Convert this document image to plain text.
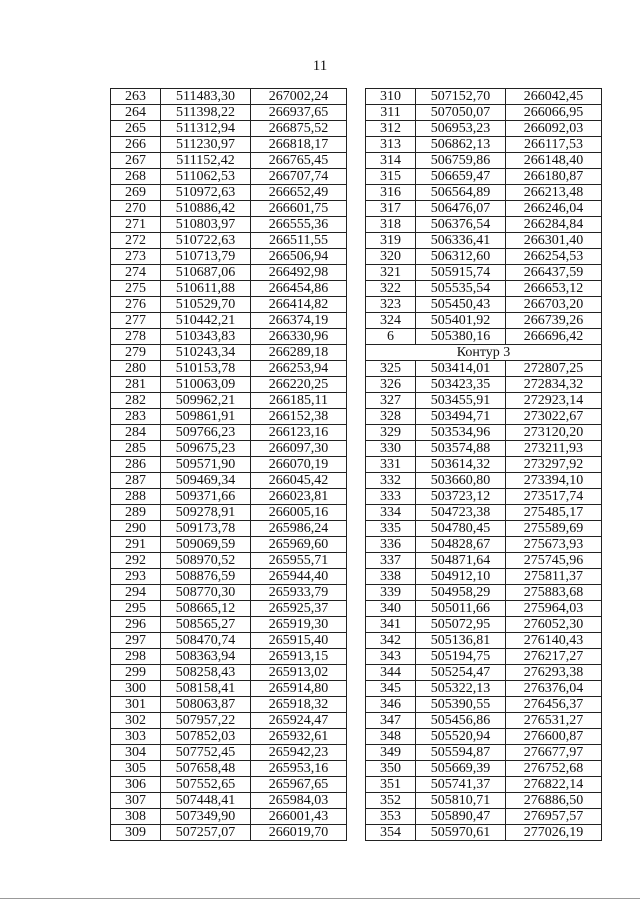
11
263	511483,30	267002,24
264	511398,22	266937,65
265	511312,94	266875,52
266	511230,97	266818,17
267	511152,42	266765,45
268	511062,53	266707,74
269	510972,63	266652,49
270	510886,42	266601,75
271	510803,97	266555,36
272	510722,63	266511,55
273	510713,79	266506,94
274	510687,06	266492,98
275	510611,88	266454,86
276	510529,70	266414,82
277	510442,21	266374,19
278	510343,83	266330,96
279	510243,34	266289,18
280	510153,78	266253,94
281	510063,09	266220,25
282	509962,21	266185,11
283	509861,91	266152,38
284	509766,23	266123,16
285	509675,23	266097,30
286	509571,90	266070,19
287	509469,34	266045,42
288	509371,66	266023,81
289	509278,91	266005,16
290	509173,78	265986,24
291	509069,59	265969,60
292	508970,52	265955,71
293	508876,59	265944,40
294	508770,30	265933,79
295	508665,12	265925,37
296	508565,27	265919,30
297	508470,74	265915,40
298	508363,94	265913,15
299	508258,43	265913,02
300	508158,41	265914,80
301	508063,87	265918,32
302	507957,22	265924,47
303	507852,03	265932,61
304	507752,45	265942,23
305	507658,48	265953,16
306	507552,65	265967,65
307	507448,41	265984,03
308	507349,90	266001,43
309	507257,07	266019,70
310	507152,70	266042,45
311	507050,07	266066,95
312	506953,23	266092,03
313	506862,13	266117,53
314	506759,86	266148,40
315	506659,47	266180,87
316	506564,89	266213,48
317	506476,07	266246,04
318	506376,54	266284,84
319	506336,41	266301,40
320	506312,60	266254,53
321	505915,74	266437,59
322	505535,54	266653,12
323	505450,43	266703,20
324	505401,92	266739,26
6	505380,16	266696,42
Контур 3		
325	503414,01	272807,25
326	503423,35	272834,32
327	503455,91	272923,14
328	503494,71	273022,67
329	503534,96	273120,20
330	503574,88	273211,93
331	503614,32	273297,92
332	503660,80	273394,10
333	503723,12	273517,74
334	504723,38	275485,17
335	504780,45	275589,69
336	504828,67	275673,93
337	504871,64	275745,96
338	504912,10	275811,37
339	504958,29	275883,68
340	505011,66	275964,03
341	505072,95	276052,30
342	505136,81	276140,43
343	505194,75	276217,27
344	505254,47	276293,38
345	505322,13	276376,04
346	505390,55	276456,37
347	505456,86	276531,27
348	505520,94	276600,87
349	505594,87	276677,97
350	505669,39	276752,68
351	505741,37	276822,14
352	505810,71	276886,50
353	505890,47	276957,57
354	505970,61	277026,19
